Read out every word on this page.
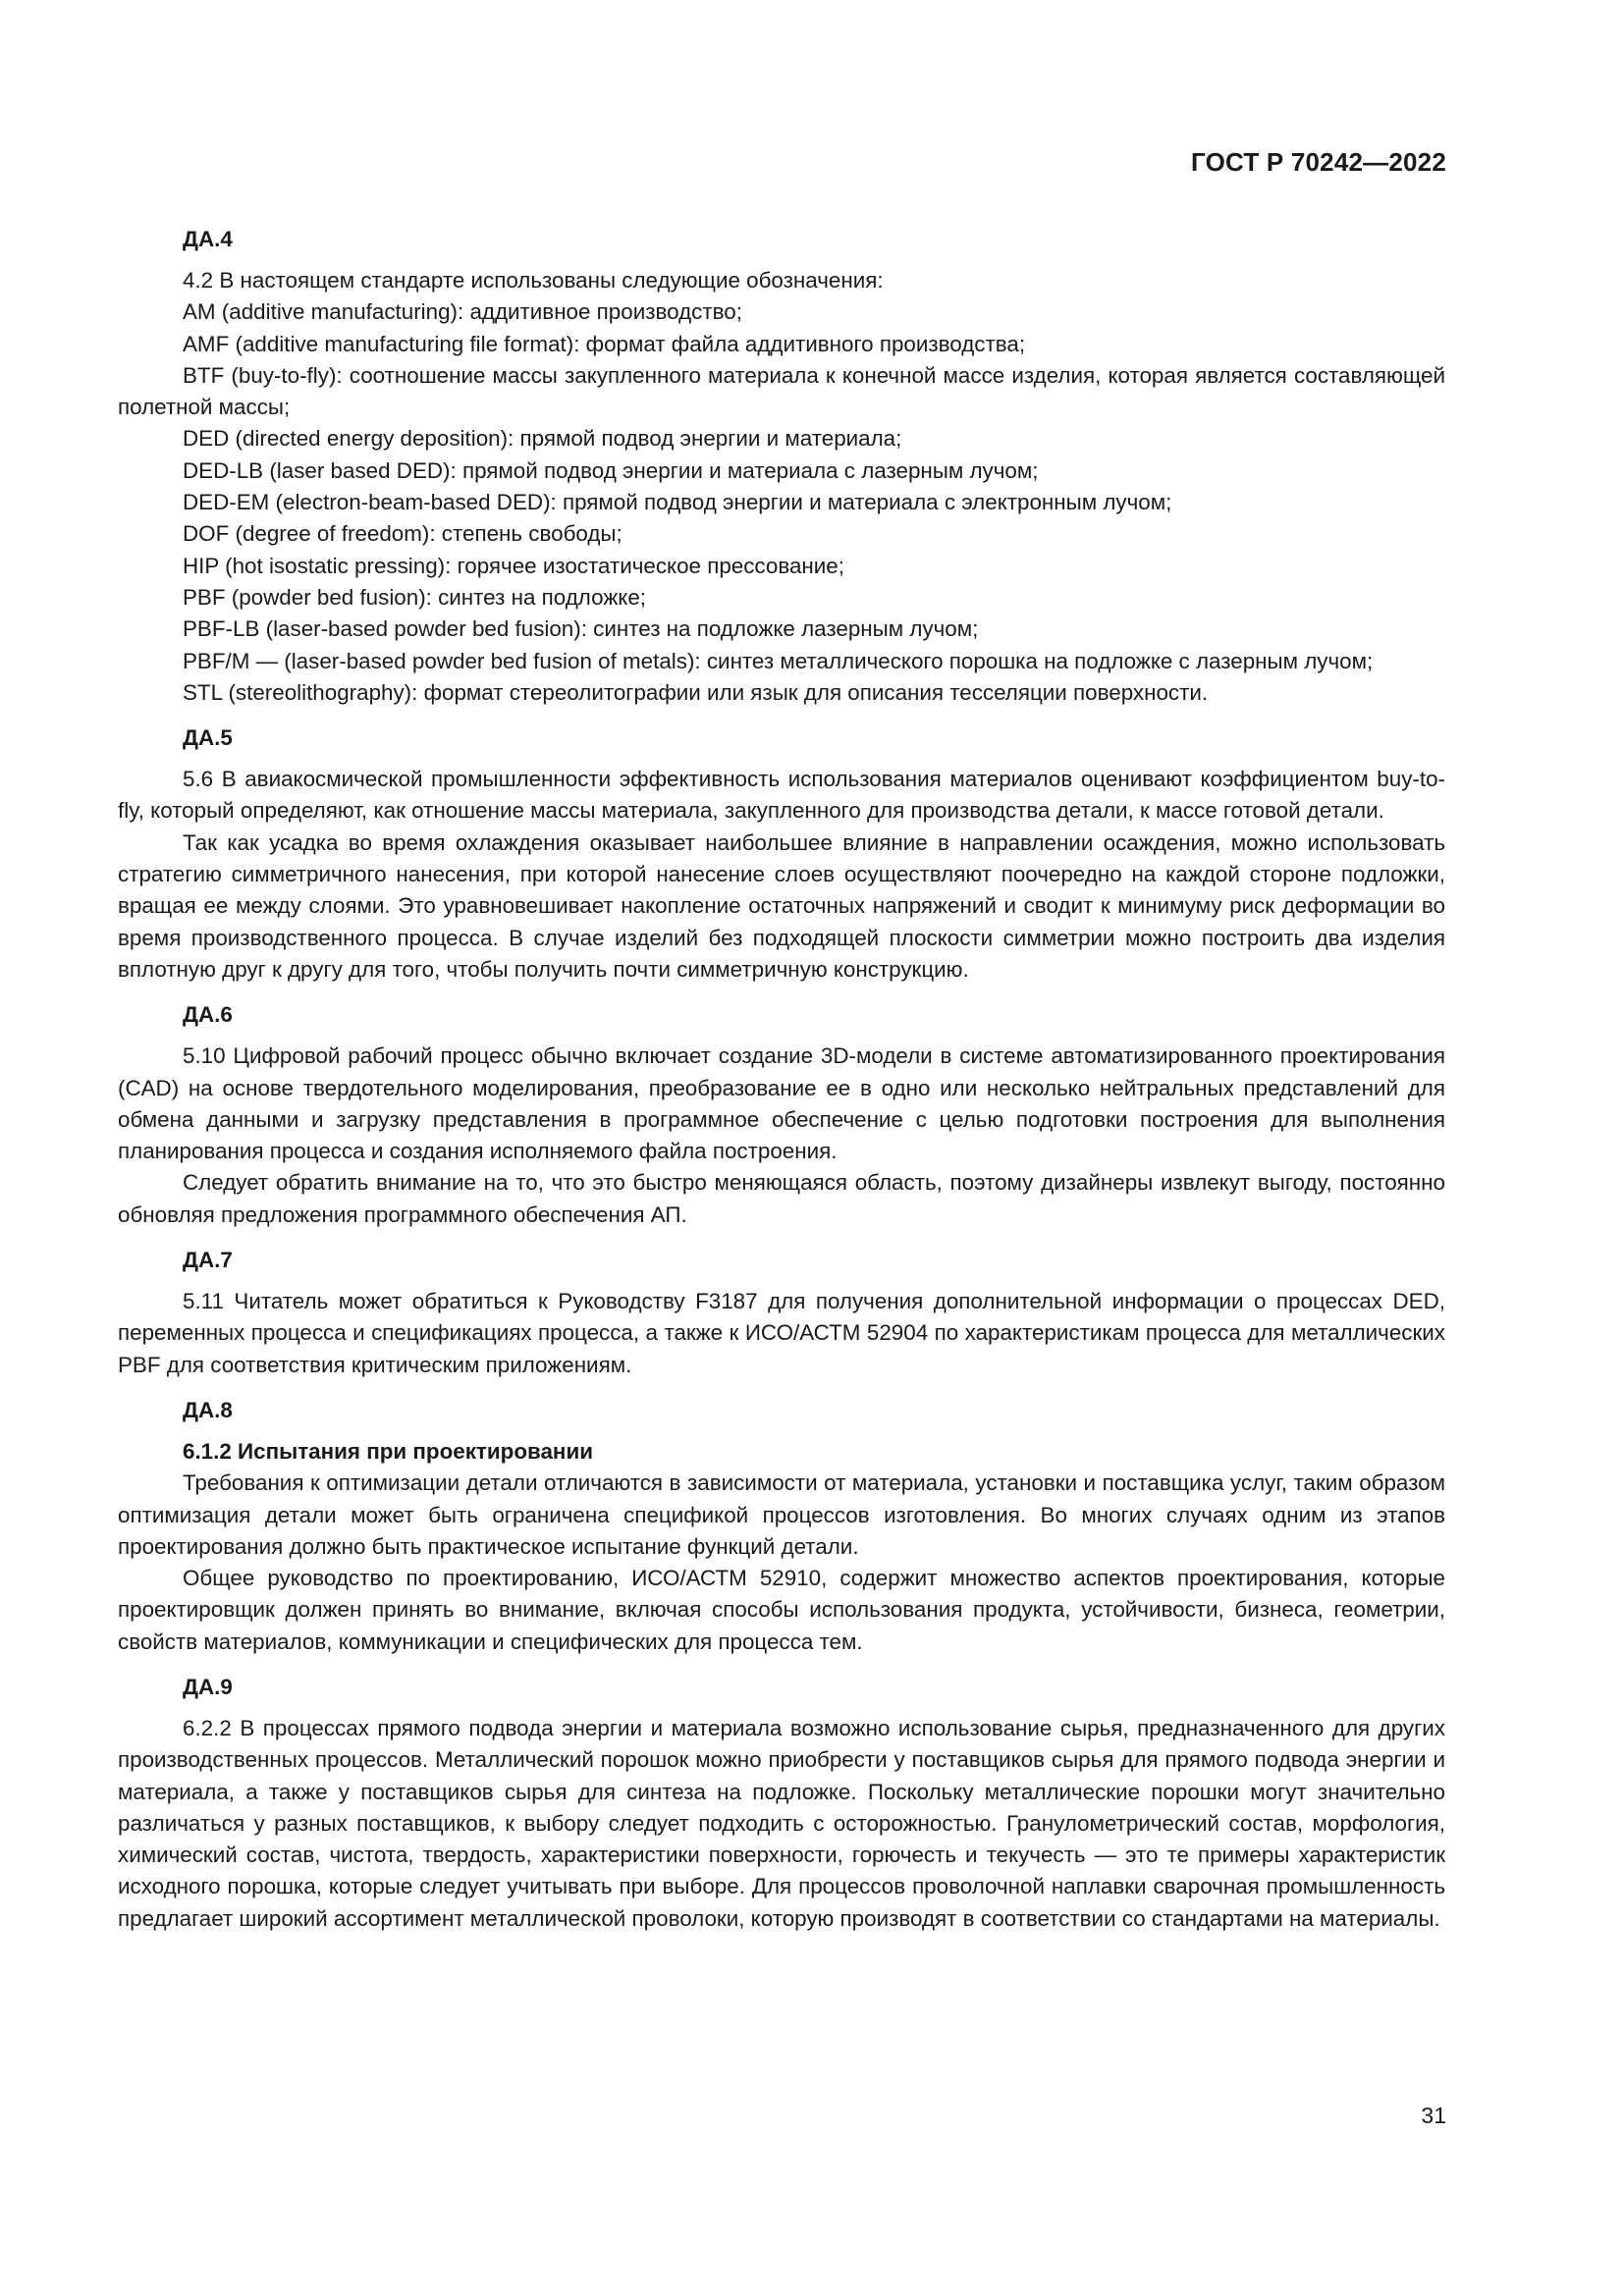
ГОСТ Р 70242—2022
ДА.4

4.2 В настоящем стандарте использованы следующие обозначения:

AM (additive manufacturing): аддитивное производство;

AMF (additive manufacturing file format): формат файла аддитивного производства;

BTF (buy-to-fly): соотношение массы закупленного материала к конечной массе изделия, которая является составляющей полетной массы;

DED (directed energy deposition): прямой подвод энергии и материала;

DED-LB (laser based DED): прямой подвод энергии и материала с лазерным лучом;

DED-EM (electron-beam-based DED): прямой подвод энергии и материала с электронным лучом;

DOF (degree of freedom): степень свободы;

HIP (hot isostatic pressing): горячее изостатическое прессование;

PBF (powder bed fusion): синтез на подложке;

PBF-LB (laser-based powder bed fusion): синтез на подложке лазерным лучом;

PBF/M — (laser-based powder bed fusion of metals): синтез металлического порошка на подложке с лазерным лучом;

STL (stereolithography): формат стереолитографии или язык для описания тесселяции поверхности.

ДА.5

5.6 В авиакосмической промышленности эффективность использования материалов оценивают коэффициентом buy-to-fly, который определяют, как отношение массы материала, закупленного для производства детали, к массе готовой детали.

Так как усадка во время охлаждения оказывает наибольшее влияние в направлении осаждения, можно использовать стратегию симметричного нанесения, при которой нанесение слоев осуществляют поочередно на каждой стороне подложки, вращая ее между слоями. Это уравновешивает накопление остаточных напряжений и сводит к минимуму риск деформации во время производственного процесса. В случае изделий без подходящей плоскости симметрии можно построить два изделия вплотную друг к другу для того, чтобы получить почти симметричную конструкцию.

ДА.6

5.10 Цифровой рабочий процесс обычно включает создание 3D-модели в системе автоматизированного проектирования (CAD) на основе твердотельного моделирования, преобразование ее в одно или несколько нейтральных представлений для обмена данными и загрузку представления в программное обеспечение с целью подготовки построения для выполнения планирования процесса и создания исполняемого файла построения.

Следует обратить внимание на то, что это быстро меняющаяся область, поэтому дизайнеры извлекут выгоду, постоянно обновляя предложения программного обеспечения АП.

ДА.7

5.11 Читатель может обратиться к Руководству F3187 для получения дополнительной информации о процессах DED, переменных процесса и спецификациях процесса, а также к ИСО/АСТМ 52904 по характеристикам процесса для металлических PBF для соответствия критическим приложениям.

ДА.8
6.1.2 Испытания при проектировании

Требования к оптимизации детали отличаются в зависимости от материала, установки и поставщика услуг, таким образом оптимизация детали может быть ограничена спецификой процессов изготовления. Во многих случаях одним из этапов проектирования должно быть практическое испытание функций детали.

Общее руководство по проектированию, ИСО/АСТМ 52910, содержит множество аспектов проектирования, которые проектировщик должен принять во внимание, включая способы использования продукта, устойчивости, бизнеса, геометрии, свойств материалов, коммуникации и специфических для процесса тем.

ДА.9

6.2.2 В процессах прямого подвода энергии и материала возможно использование сырья, предназначенного для других производственных процессов. Металлический порошок можно приобрести у поставщиков сырья для прямого подвода энергии и материала, а также у поставщиков сырья для синтеза на подложке. Поскольку металлические порошки могут значительно различаться у разных поставщиков, к выбору следует подходить с осторожностью. Гранулометрический состав, морфология, химический состав, чистота, твердость, характеристики поверхности, горючесть и текучесть — это те примеры характеристик исходного порошка, которые следует учитывать при выборе. Для процессов проволочной наплавки сварочная промышленность предлагает широкий ассортимент металлической проволоки, которую производят в соответствии со стандартами на материалы.

31
